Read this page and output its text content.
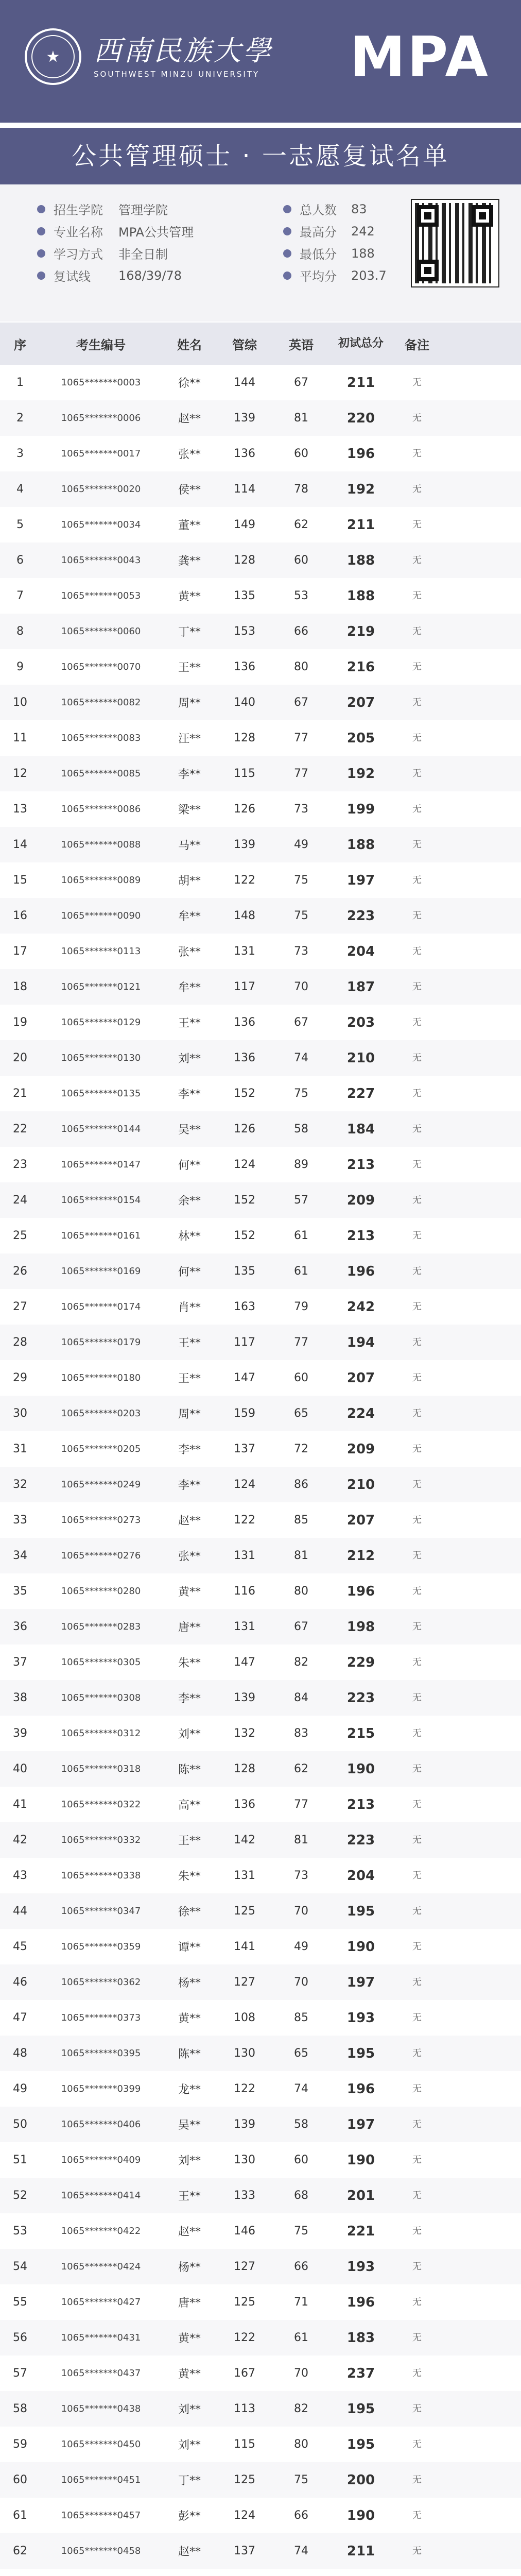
★	西南民族大學
SOUTHWEST MINZU UNIVERSITY MPA
公共管理硕士 · 一志愿复试名单
招生学院	管理学院
专业名称	MPA公共管理
学习方式	非全日制
复试线	168/39/78
总人数	83
最高分	242
最低分	188
平均分	203.7
序	考生编号	姓名	管综	英语	初试总分	备注
1	1065*******0003	徐**	144	67	211	无
2	1065*******0006	赵**	139	81	220	无
3	1065*******0017	张**	136	60	196	无
4	1065*******0020	侯**	114	78	192	无
5	1065*******0034	董**	149	62	211	无
6	1065*******0043	龚**	128	60	188	无
7	1065*******0053	黄**	135	53	188	无
8	1065*******0060	丁**	153	66	219	无
9	1065*******0070	王**	136	80	216	无
10	1065*******0082	周**	140	67	207	无
11	1065*******0083	汪**	128	77	205	无
12	1065*******0085	李**	115	77	192	无
13	1065*******0086	梁**	126	73	199	无
14	1065*******0088	马**	139	49	188	无
15	1065*******0089	胡**	122	75	197	无
16	1065*******0090	牟**	148	75	223	无
17	1065*******0113	张**	131	73	204	无
18	1065*******0121	牟**	117	70	187	无
19	1065*******0129	王**	136	67	203	无
20	1065*******0130	刘**	136	74	210	无
21	1065*******0135	李**	152	75	227	无
22	1065*******0144	吴**	126	58	184	无
23	1065*******0147	何**	124	89	213	无
24	1065*******0154	余**	152	57	209	无
25	1065*******0161	林**	152	61	213	无
26	1065*******0169	何**	135	61	196	无
27	1065*******0174	肖**	163	79	242	无
28	1065*******0179	王**	117	77	194	无
29	1065*******0180	王**	147	60	207	无
30	1065*******0203	周**	159	65	224	无
31	1065*******0205	李**	137	72	209	无
32	1065*******0249	李**	124	86	210	无
33	1065*******0273	赵**	122	85	207	无
34	1065*******0276	张**	131	81	212	无
35	1065*******0280	黄**	116	80	196	无
36	1065*******0283	唐**	131	67	198	无
37	1065*******0305	朱**	147	82	229	无
38	1065*******0308	李**	139	84	223	无
39	1065*******0312	刘**	132	83	215	无
40	1065*******0318	陈**	128	62	190	无
41	1065*******0322	高**	136	77	213	无
42	1065*******0332	王**	142	81	223	无
43	1065*******0338	朱**	131	73	204	无
44	1065*******0347	徐**	125	70	195	无
45	1065*******0359	谭**	141	49	190	无
46	1065*******0362	杨**	127	70	197	无
47	1065*******0373	黄**	108	85	193	无
48	1065*******0395	陈**	130	65	195	无
49	1065*******0399	龙**	122	74	196	无
50	1065*******0406	吴**	139	58	197	无
51	1065*******0409	刘**	130	60	190	无
52	1065*******0414	王**	133	68	201	无
53	1065*******0422	赵**	146	75	221	无
54	1065*******0424	杨**	127	66	193	无
55	1065*******0427	唐**	125	71	196	无
56	1065*******0431	黄**	122	61	183	无
57	1065*******0437	黄**	167	70	237	无
58	1065*******0438	刘**	113	82	195	无
59	1065*******0450	刘**	115	80	195	无
60	1065*******0451	丁**	125	75	200	无
61	1065*******0457	彭**	124	66	190	无
62	1065*******0458	赵**	137	74	211	无
